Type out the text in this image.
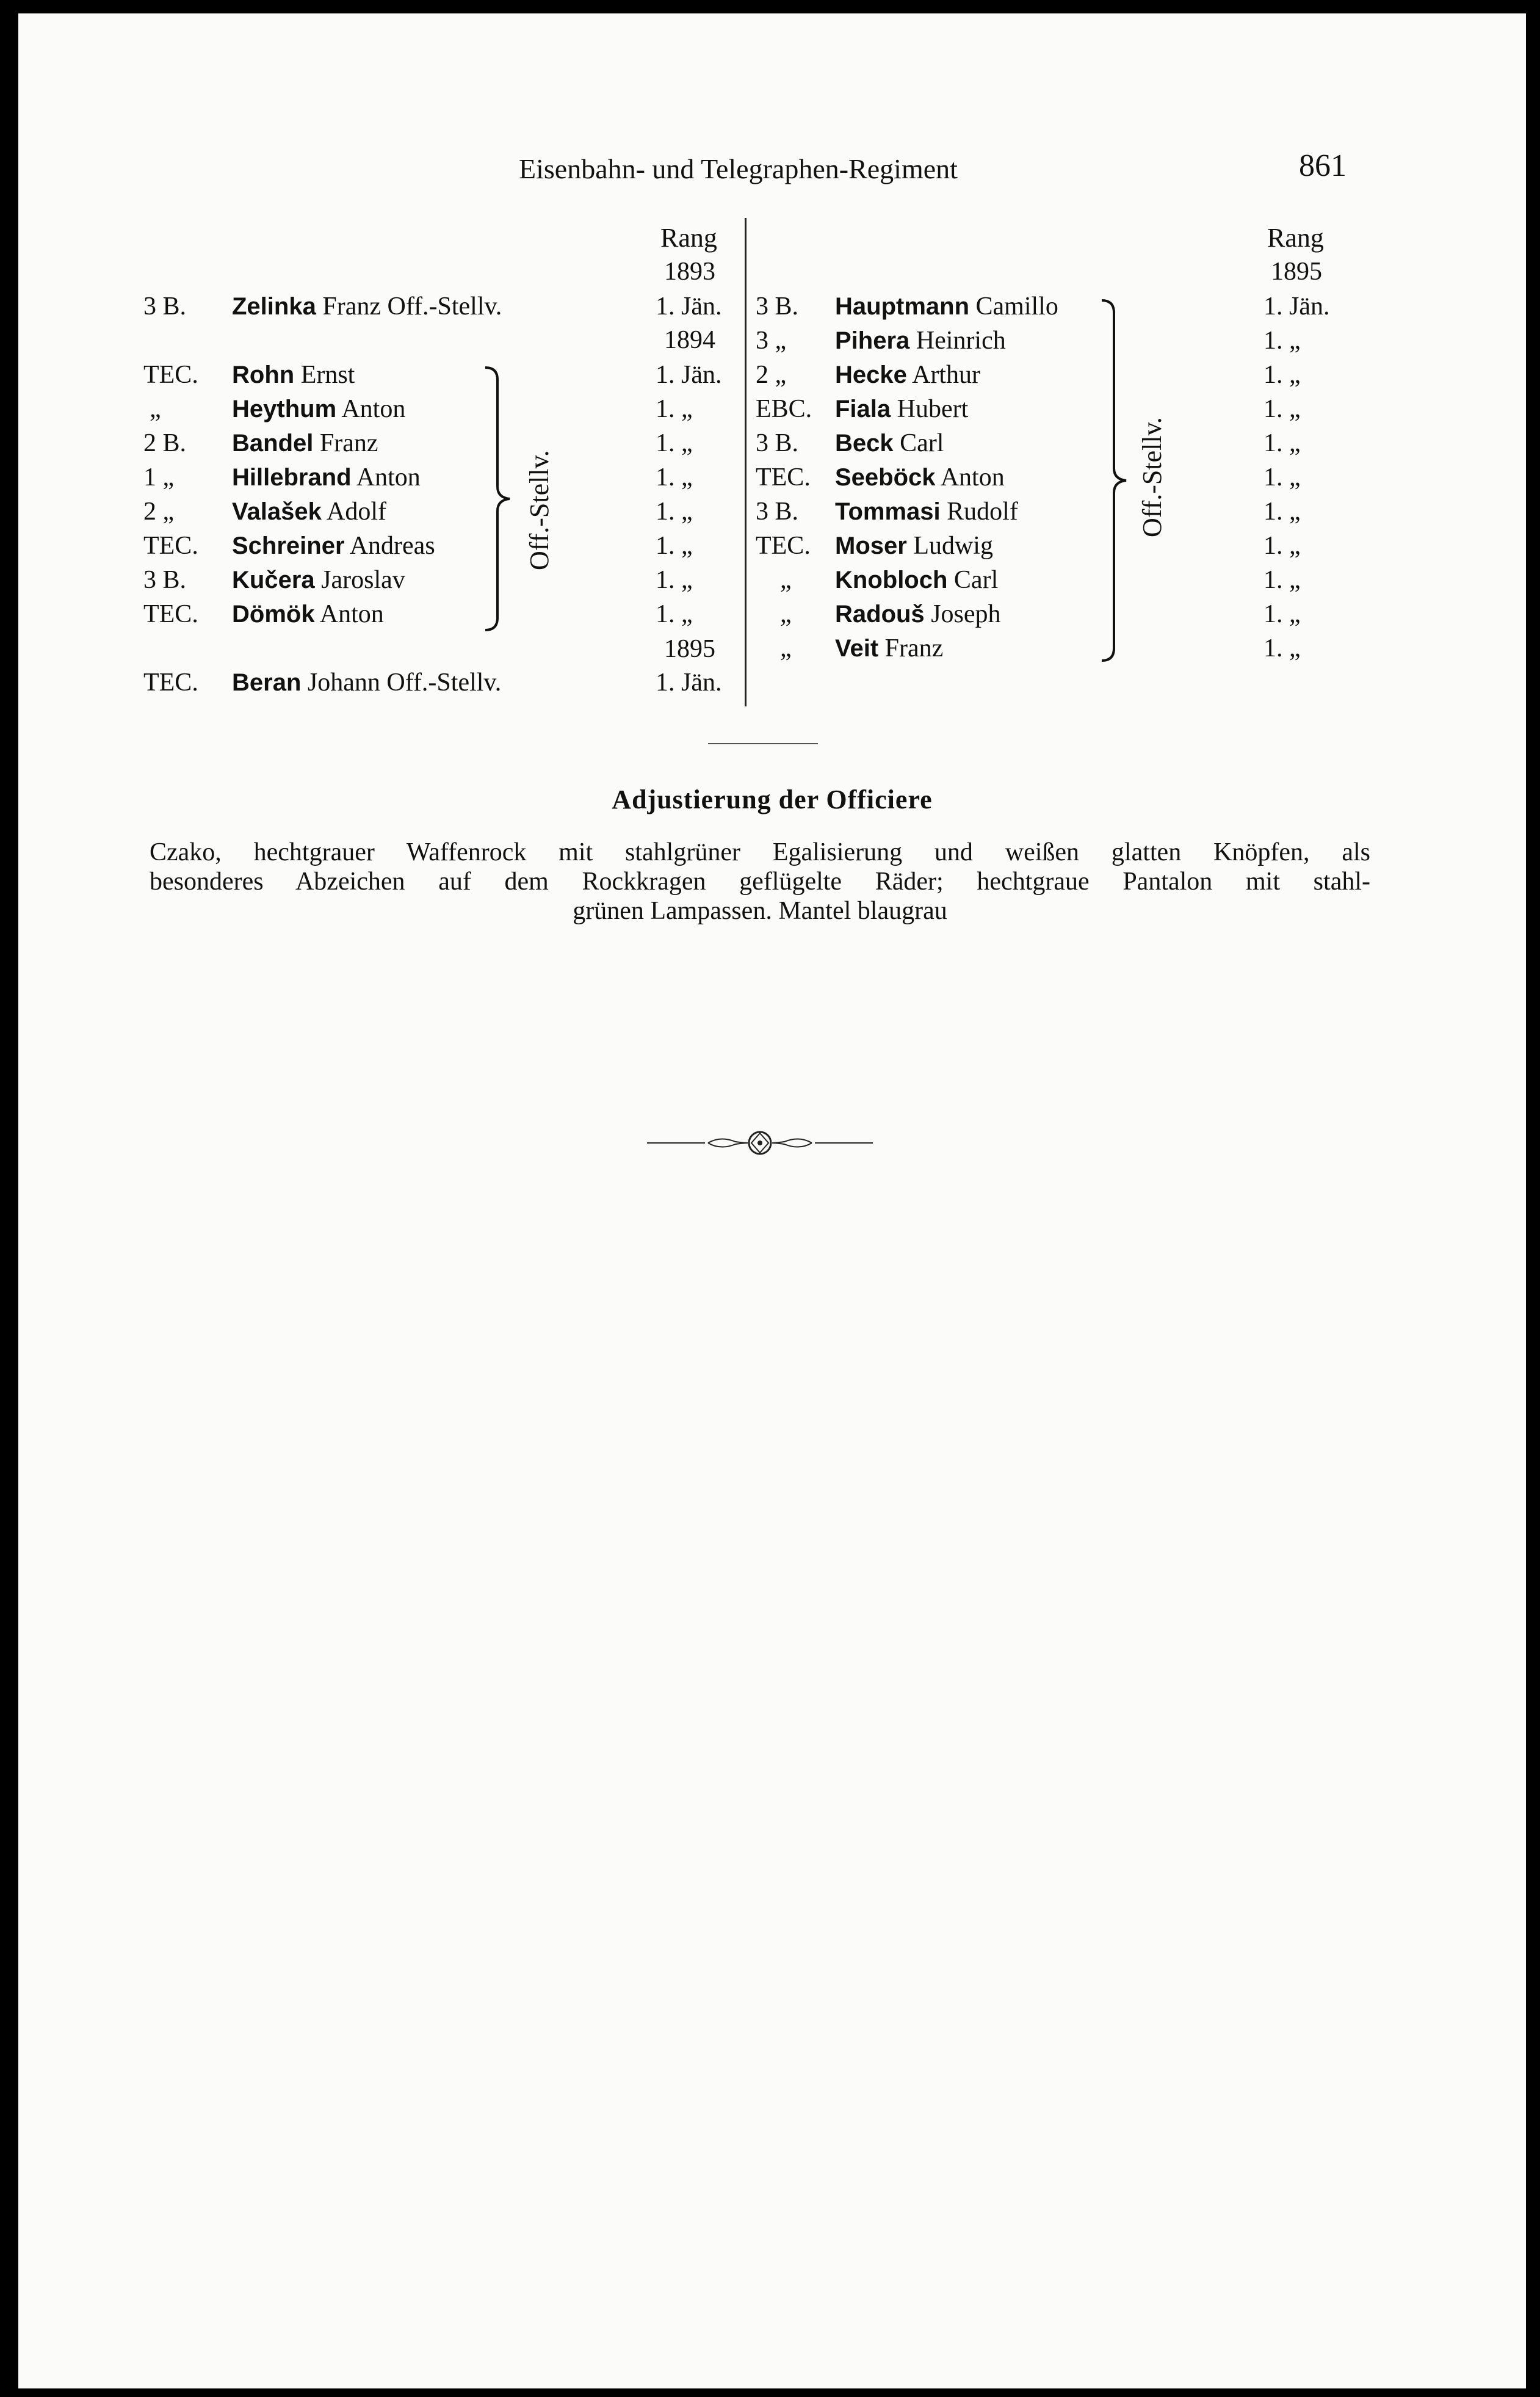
Eisenbahn- und Telegraphen-Regiment	861
Rang
1893
1894
1895
3 B. Zelinka Franz Off.-Stellv.	1. Jän.
TEC. Rohn Ernst	1. Jän.
„	Heythum Anton	1. „
2 B. Bandel Franz	1. „
1 „ Hillebrand Anton	1. „
2 „ Valašek Adolf	1. „
TEC. Schreiner Andreas	1. „
3 B. Kučera Jaroslav	1. „
TEC. Dömök Anton	1. „
TEC. Beran Johann Off.-Stellv.	1. Jän.
Off.-Stellv.
Rang
1895
3 B. Hauptmann Camillo	1. Jän.
3 „ Pihera Heinrich	1. „
2 „ Hecke Arthur	1. „
EBC. Fiala Hubert	1. „
3 B. Beck Carl	1. „
TEC. Seeböck Anton	1. „
3 B. Tommasi Rudolf	1. „
TEC. Moser Ludwig	1. „
„ Knobloch Carl	1. „
„ Radouš Joseph	1. „
„ Veit Franz	1. „
Off.-Stellv.
Adjustierung der Officiere
Czako, hechtgrauer Waffenrock mit stahlgrüner Egalisierung und weißen glatten Knöpfen, als
besonderes Abzeichen auf dem Rockkragen geflügelte Räder; hechtgraue Pantalon mit stahl-
grünen Lampassen. Mantel blaugrau
